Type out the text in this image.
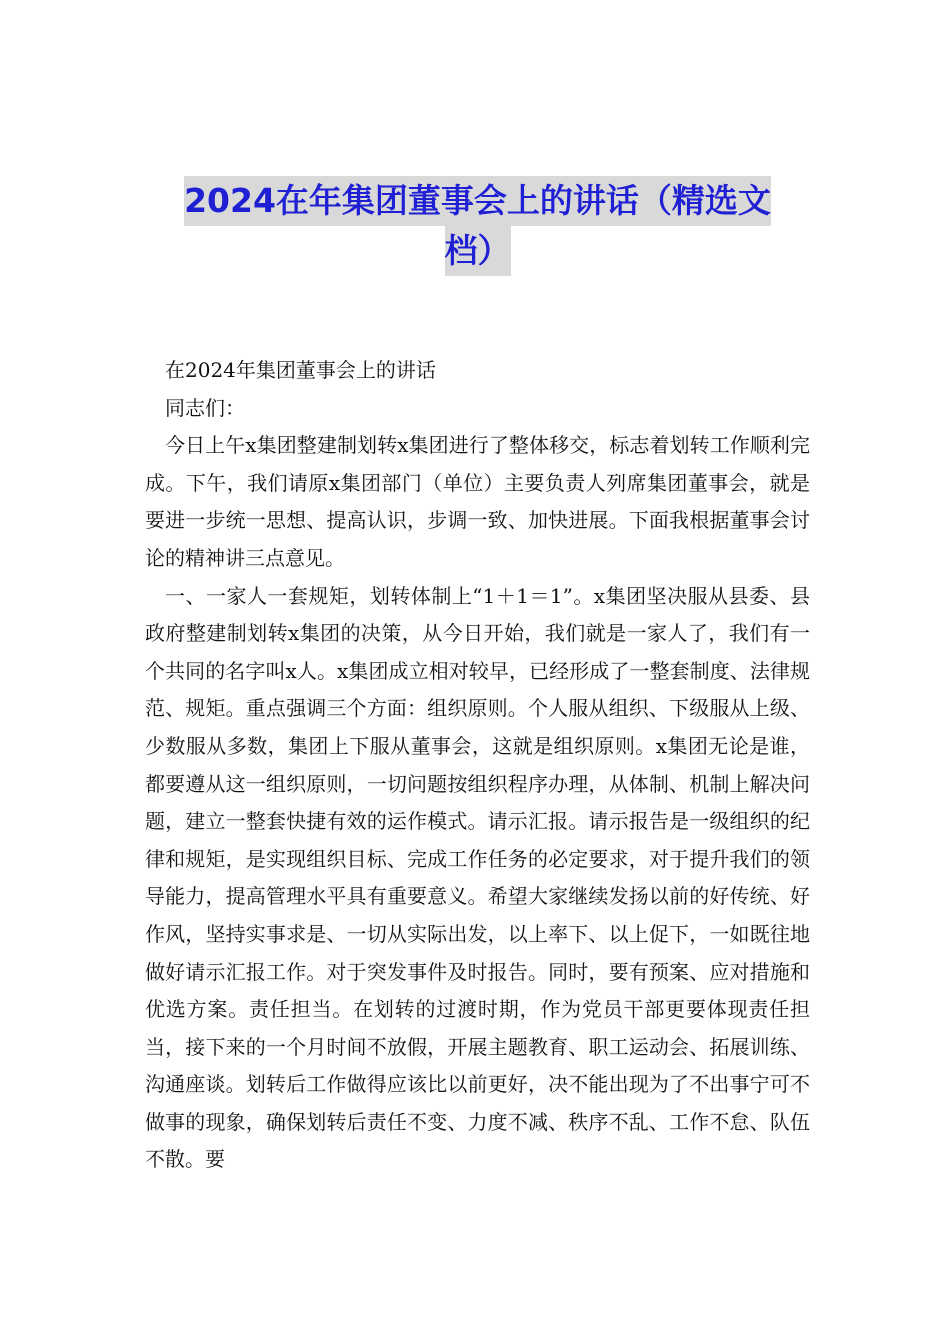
2024在年集团董事会上的讲话（精选文
档）

在2024年集团董事会上的讲话

同志们：

今日上午x集团整建制划转x集团进行了整体移交，标志着划转工作顺利完成。下午，我们请原x集团部门（单位）主要负责人列席集团董事会，就是要进一步统一思想、提高认识，步调一致、加快进展。下面我根据董事会讨论的精神讲三点意见。

一、一家人一套规矩，划转体制上“1＋1＝1”。x集团坚决服从县委、县政府整建制划转x集团的决策，从今日开始，我们就是一家人了，我们有一个共同的名字叫x人。x集团成立相对较早，已经形成了一整套制度、法律规范、规矩。重点强调三个方面：组织原则。个人服从组织、下级服从上级、少数服从多数，集团上下服从董事会，这就是组织原则。x集团无论是谁，都要遵从这一组织原则，一切问题按组织程序办理，从体制、机制上解决问题，建立一整套快捷有效的运作模式。请示汇报。请示报告是一级组织的纪律和规矩，是实现组织目标、完成工作任务的必定要求，对于提升我们的领导能力，提高管理水平具有重要意义。希望大家继续发扬以前的好传统、好作风，坚持实事求是、一切从实际出发，以上率下、以上促下，一如既往地做好请示汇报工作。对于突发事件及时报告。同时，要有预案、应对措施和优选方案。责任担当。在划转的过渡时期，作为党员干部更要体现责任担当，接下来的一个月时间不放假，开展主题教育、职工运动会、拓展训练、沟通座谈。划转后工作做得应该比以前更好，决不能出现为了不出事宁可不做事的现象，确保划转后责任不变、力度不减、秩序不乱、工作不怠、队伍不散。要
